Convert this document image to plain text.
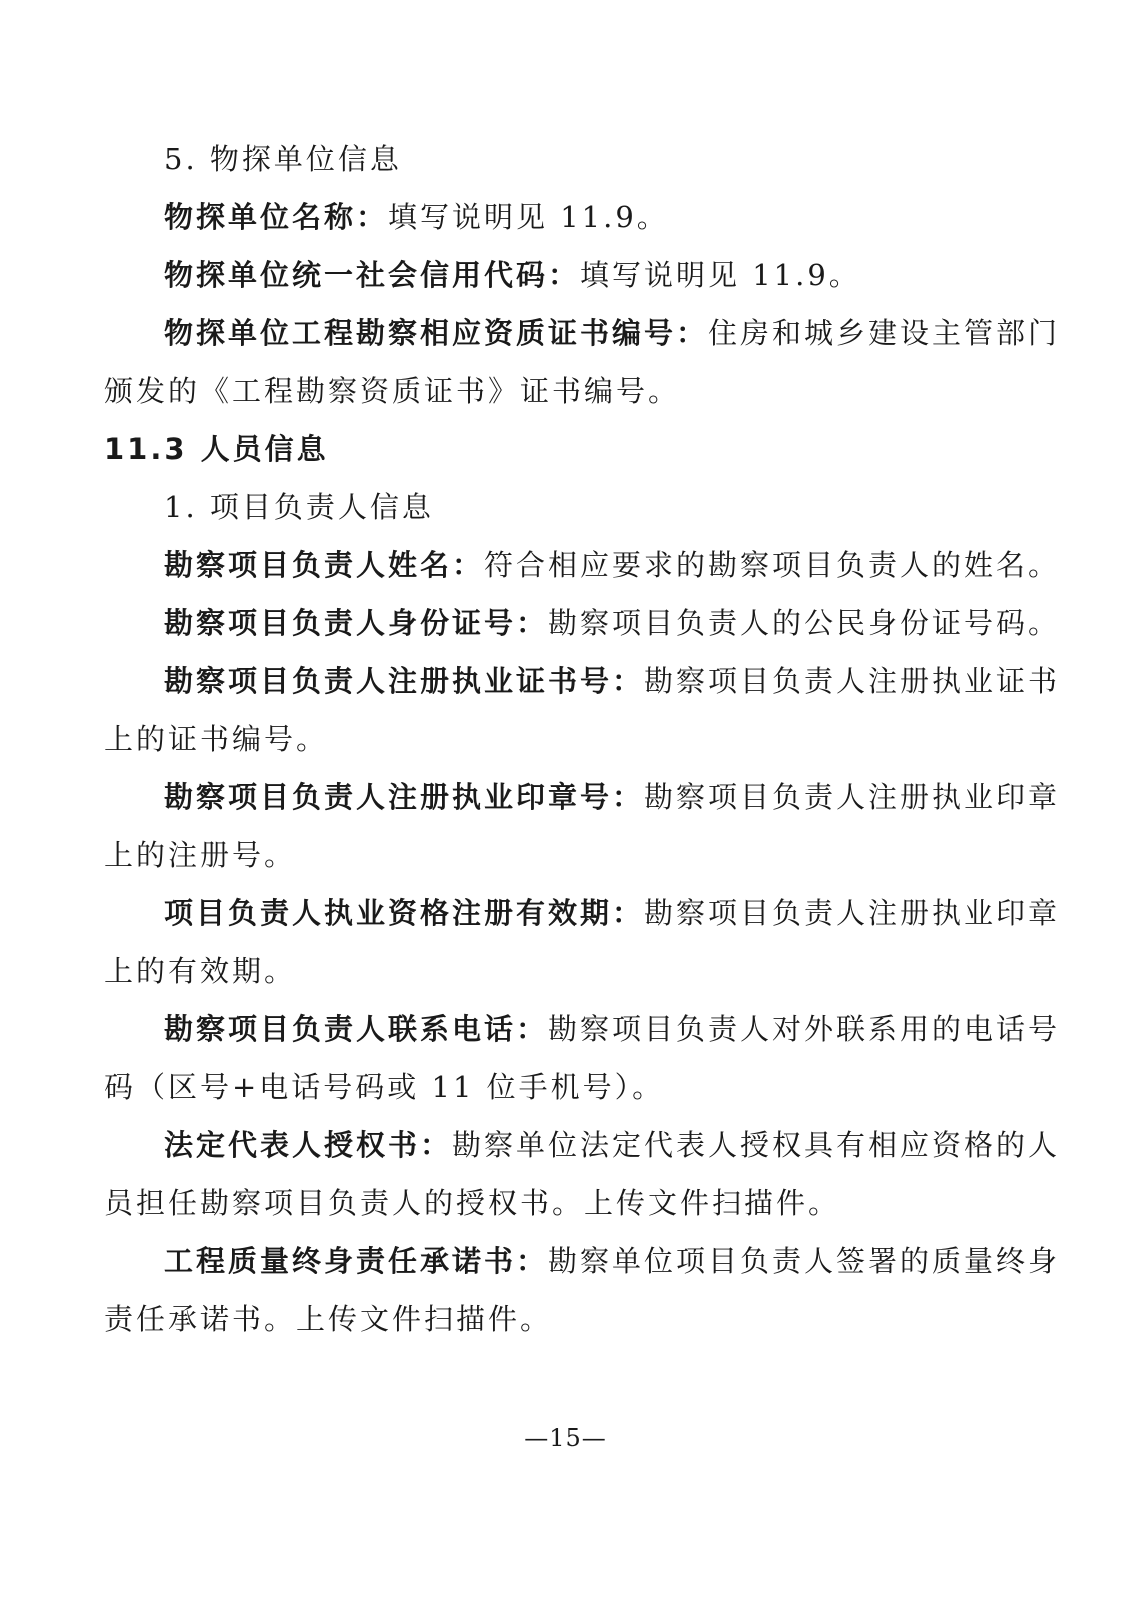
5. 物探单位信息

物探单位名称：填写说明见 11.9。

物探单位统一社会信用代码：填写说明见 11.9。

物探单位工程勘察相应资质证书编号：住房和城乡建设主管部门

颁发的《工程勘察资质证书》证书编号。

11.3 人员信息

1. 项目负责人信息

勘察项目负责人姓名：符合相应要求的勘察项目负责人的姓名。

勘察项目负责人身份证号：勘察项目负责人的公民身份证号码。

勘察项目负责人注册执业证书号：勘察项目负责人注册执业证书

上的证书编号。

勘察项目负责人注册执业印章号：勘察项目负责人注册执业印章

上的注册号。

项目负责人执业资格注册有效期：勘察项目负责人注册执业印章

上的有效期。

勘察项目负责人联系电话：勘察项目负责人对外联系用的电话号

码（区号+电话号码或 11 位手机号）。

法定代表人授权书：勘察单位法定代表人授权具有相应资格的人

员担任勘察项目负责人的授权书。上传文件扫描件。

工程质量终身责任承诺书：勘察单位项目负责人签署的质量终身

责任承诺书。上传文件扫描件。

—15—
